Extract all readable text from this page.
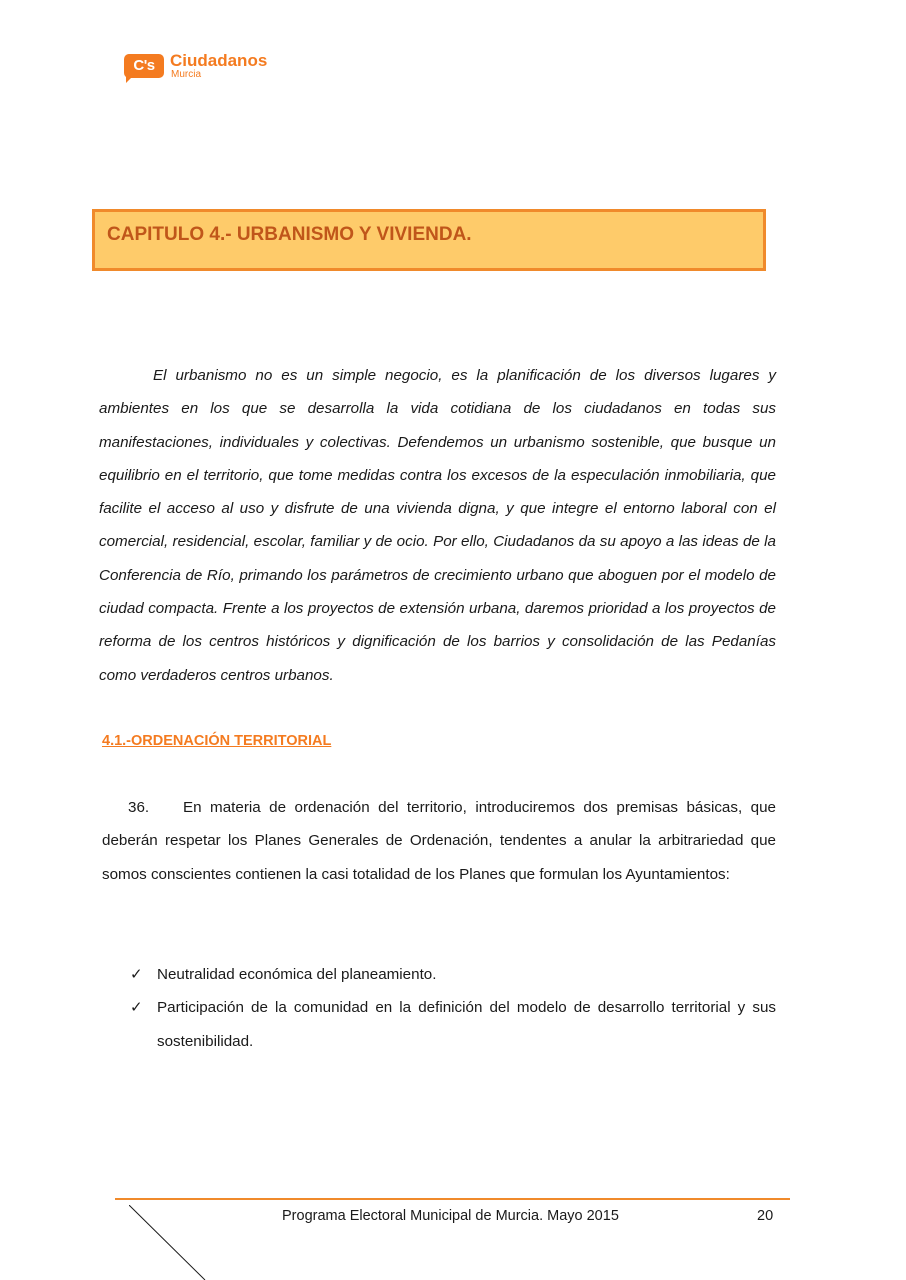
C's Ciudadanos
Murcia
CAPITULO 4.- URBANISMO Y VIVIENDA.

El urbanismo no es un simple negocio, es la planificación de los diversos lugares y ambientes en los que se desarrolla la vida cotidiana de los ciudadanos en todas sus manifestaciones, individuales y colectivas. Defendemos un urbanismo sostenible, que busque un equilibrio en el territorio, que tome medidas contra los excesos de la especulación inmobiliaria, que facilite el acceso al uso y disfrute de una vivienda digna, y que integre el entorno laboral con el comercial, residencial, escolar, familiar y de ocio. Por ello, Ciudadanos da su apoyo a las ideas de la Conferencia de Río, primando los parámetros de crecimiento urbano que aboguen por el modelo de ciudad compacta. Frente a los proyectos de extensión urbana, daremos prioridad a los proyectos de reforma de los centros históricos y dignificación de los barrios y consolidación de las Pedanías como verdaderos centros urbanos.

4.1.-ORDENACIÓN TERRITORIAL

36. En materia de ordenación del territorio, introduciremos dos premisas básicas, que deberán respetar los Planes Generales de Ordenación, tendentes a anular la arbitrariedad que somos conscientes contienen la casi totalidad de los Planes que formulan los Ayuntamientos:

✓ Neutralidad económica del planeamiento.
✓ Participación de la comunidad en la definición del modelo de desarrollo territorial y sus sostenibilidad.
Programa Electoral Municipal de Murcia. Mayo 2015	20
